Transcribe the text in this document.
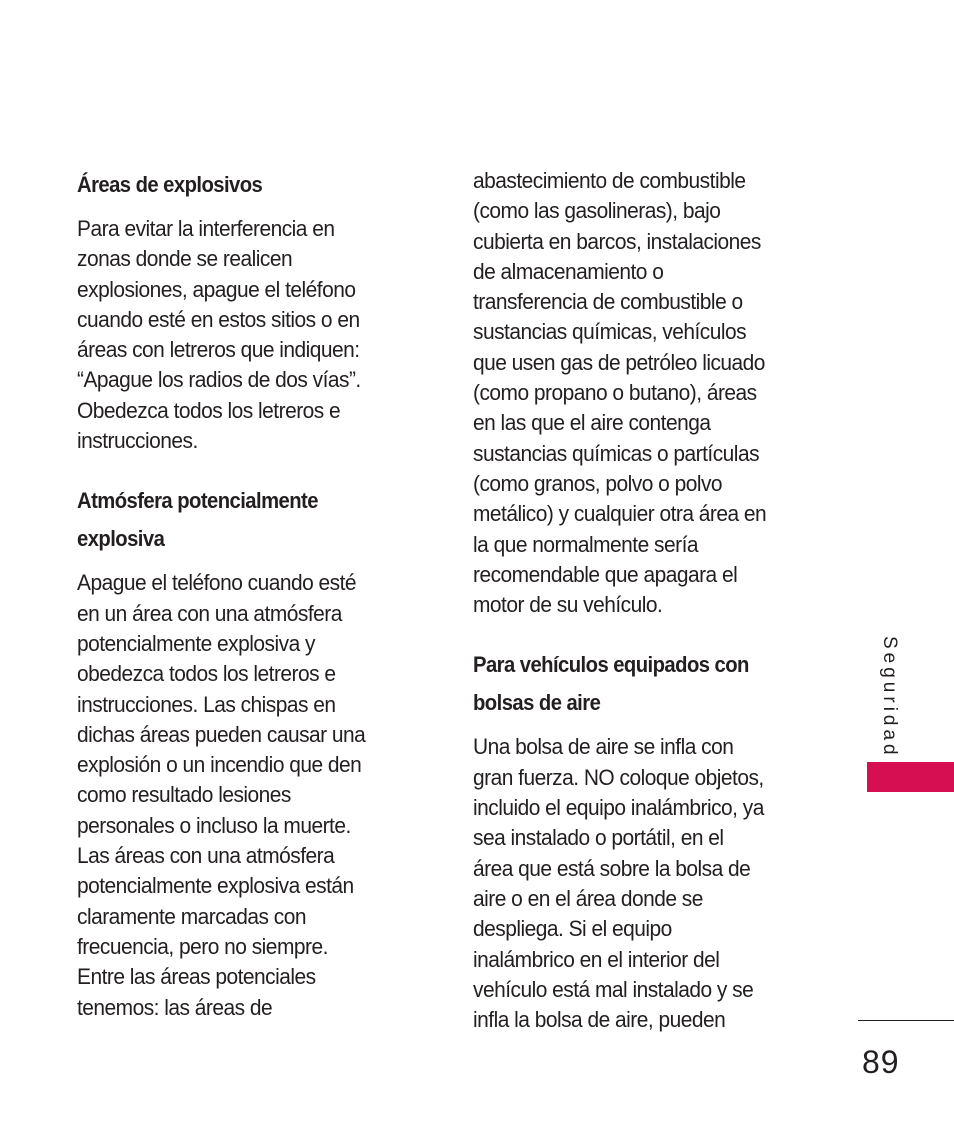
Áreas de explosivos
Para evitar la interferencia en
zonas donde se realicen
explosiones, apague el teléfono
cuando esté en estos sitios o en
áreas con letreros que indiquen:
“Apague los radios de dos vías”.
Obedezca todos los letreros e
instrucciones.
Atmósfera potencialmente
explosiva
Apague el teléfono cuando esté
en un área con una atmósfera
potencialmente explosiva y
obedezca todos los letreros e
instrucciones. Las chispas en
dichas áreas pueden causar una
explosión o un incendio que den
como resultado lesiones
personales o incluso la muerte.
Las áreas con una atmósfera
potencialmente explosiva están
claramente marcadas con
frecuencia, pero no siempre.
Entre las áreas potenciales
tenemos: las áreas de
abastecimiento de combustible
(como las gasolineras), bajo
cubierta en barcos, instalaciones
de almacenamiento o
transferencia de combustible o
sustancias químicas, vehículos
que usen gas de petróleo licuado
(como propano o butano), áreas
en las que el aire contenga
sustancias químicas o partículas
(como granos, polvo o polvo
metálico) y cualquier otra área en
la que normalmente sería
recomendable que apagara el
motor de su vehículo.
Para vehículos equipados con
bolsas de aire
Una bolsa de aire se infla con
gran fuerza. NO coloque objetos,
incluido el equipo inalámbrico, ya
sea instalado o portátil, en el
área que está sobre la bolsa de
aire o en el área donde se
despliega. Si el equipo
inalámbrico en el interior del
vehículo está mal instalado y se
infla la bolsa de aire, pueden
Seguridad
89
